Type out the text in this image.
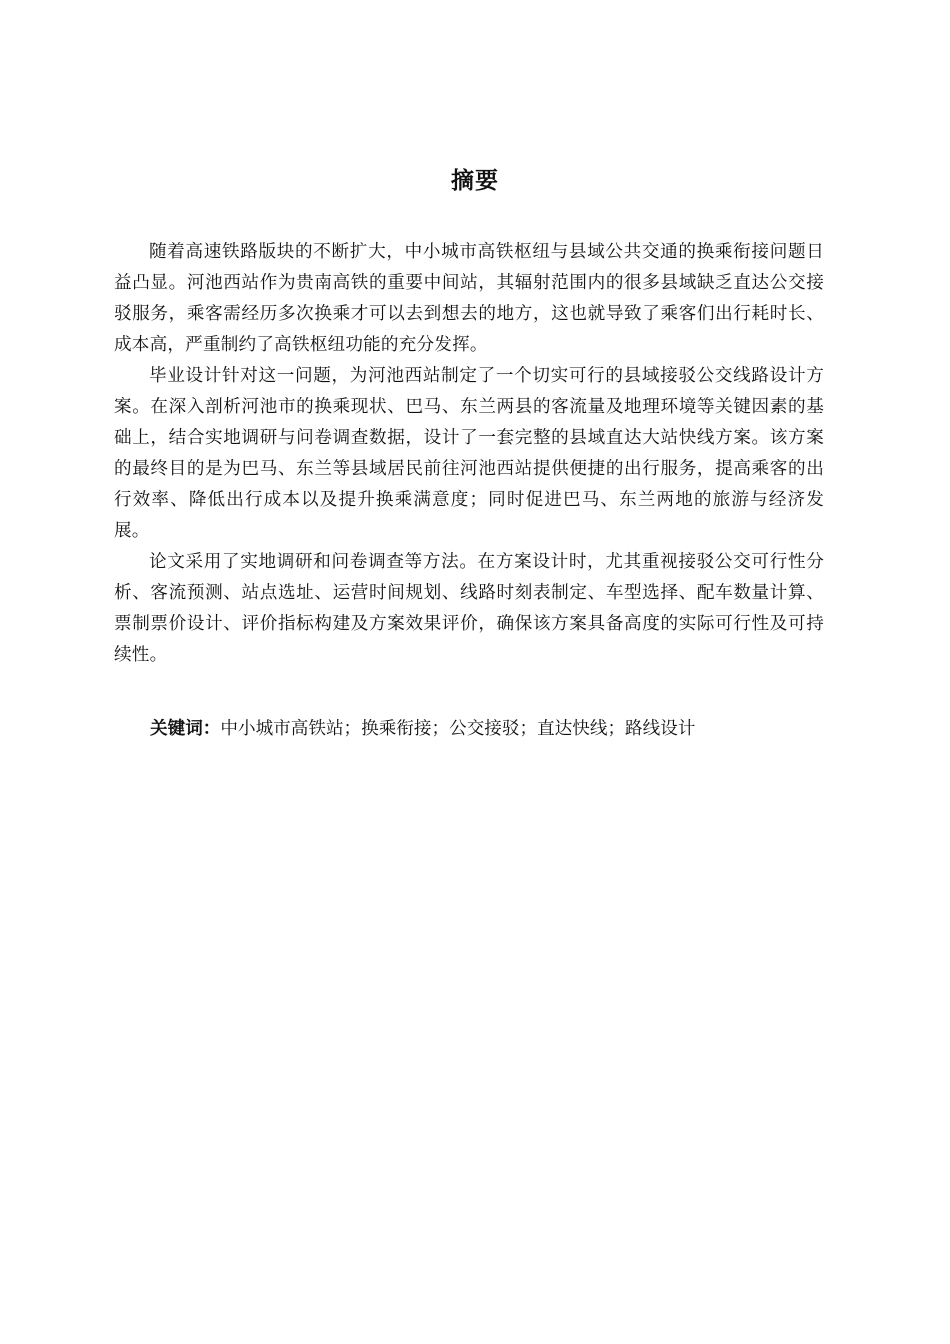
摘要

随着高速铁路版块的不断扩大，中小城市高铁枢纽与县域公共交通的换乘衔接问题日益凸显。河池西站作为贵南高铁的重要中间站，其辐射范围内的很多县域缺乏直达公交接驳服务，乘客需经历多次换乘才可以去到想去的地方，这也就导致了乘客们出行耗时长、成本高，严重制约了高铁枢纽功能的充分发挥。

毕业设计针对这一问题，为河池西站制定了一个切实可行的县域接驳公交线路设计方案。在深入剖析河池市的换乘现状、巴马、东兰两县的客流量及地理环境等关键因素的基础上，结合实地调研与问卷调查数据，设计了一套完整的县域直达大站快线方案。该方案的最终目的是为巴马、东兰等县域居民前往河池西站提供便捷的出行服务，提高乘客的出行效率、降低出行成本以及提升换乘满意度；同时促进巴马、东兰两地的旅游与经济发展。

论文采用了实地调研和问卷调查等方法。在方案设计时，尤其重视接驳公交可行性分析、客流预测、站点选址、运营时间规划、线路时刻表制定、车型选择、配车数量计算、票制票价设计、评价指标构建及方案效果评价，确保该方案具备高度的实际可行性及可持续性。

关键词：中小城市高铁站；换乘衔接；公交接驳；直达快线；路线设计
